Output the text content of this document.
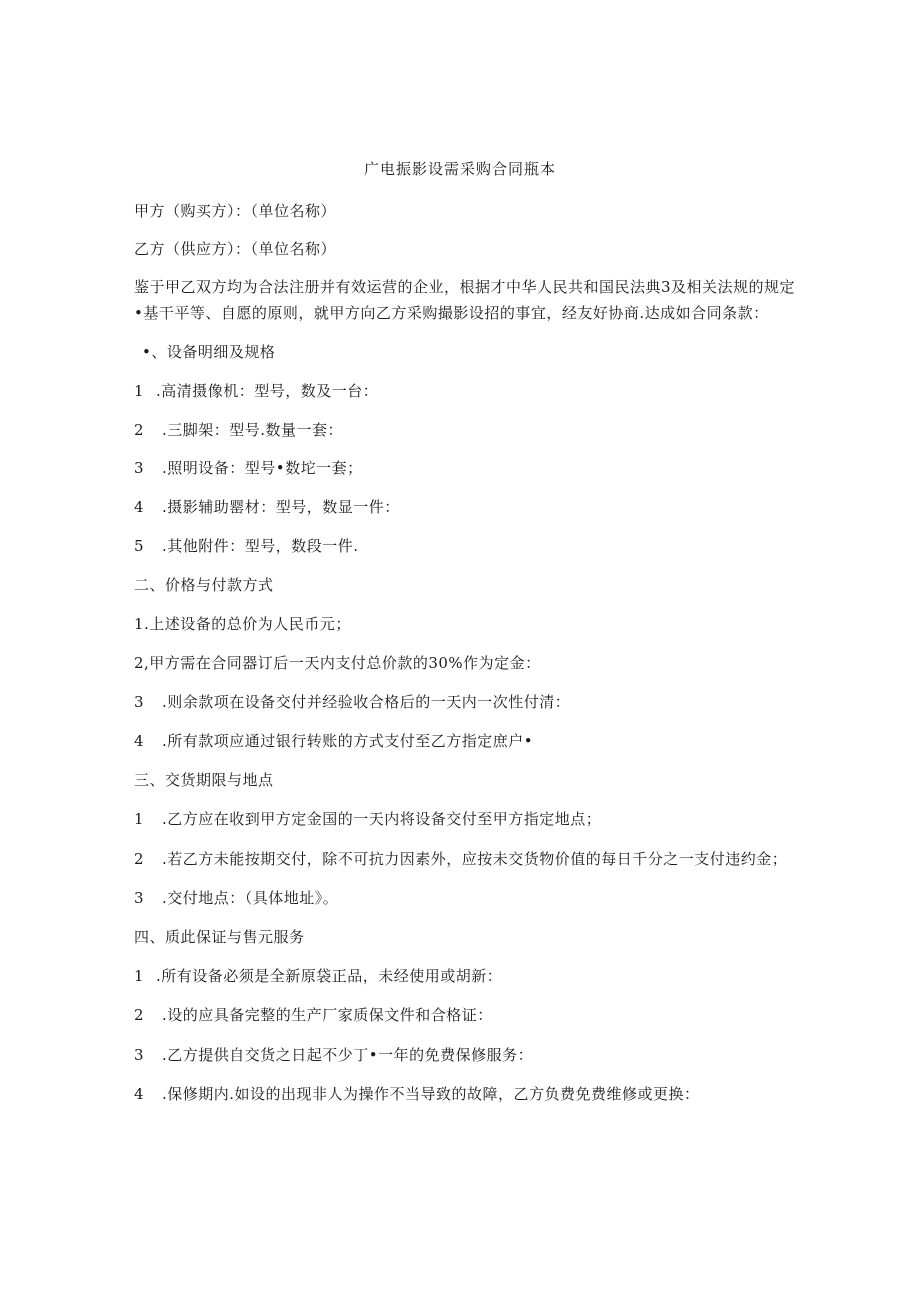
广电振影设需采购合同瓶本
甲方（购买方）：（单位名称）
乙方（供应方）：（单位名称）
鉴于甲乙双方均为合法注册并有效运营的企业，根据才中华人民共和国民法典3及相关法规的规定
•基干平等、自愿的原则，就甲方向乙方采购撮影设招的事宜，经友好协商.达成如合同条款：
•、设备明细及规格
1 .高清摄像机：型号，数及一台：
2 .三脚架：型号.数量一套：
3 .照明设备：型号•数坨一套；
4 .摄影辅助罂材：型号，数显一件：
5 .其他附件：型号，数段一件.
二、价格与付款方式
1.上述设备的总价为人民币元；
2,甲方需在合同器订后一天内支付总价款的30%作为定金：
3 .则余款项在设备交付并经验收合格后的一天内一次性付清：
4 .所有款项应通过银行转账的方式支付至乙方指定庶户•
三、交货期限与地点
1 .乙方应在收到甲方定金国的一天内将设备交付至甲方指定地点；
2 .若乙方未能按期交付，除不可抗力因素外，应按未交货物价值的每日千分之一支付违约金；
3 .交付地点：（具体地址》。
四、质此保证与售元服务
1 .所有设备必须是全新原袋正品，未经使用或胡新：
2 .设的应具备完整的生产厂家质保文件和合格证：
3 .乙方提供自交货之日起不少丁•一年的免费保修服务：
4 .保修期内.如设的出现非人为操作不当导致的故障，乙方负费免费维修或更换：
